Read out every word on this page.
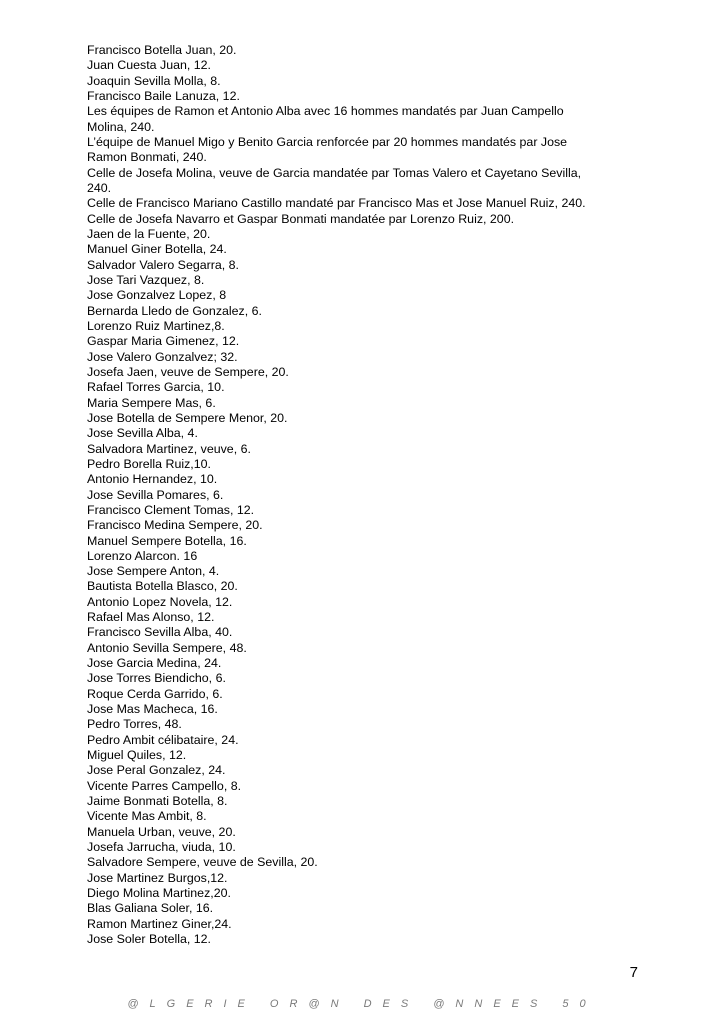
Francisco Botella Juan, 20.

Juan Cuesta Juan, 12.

Joaquin Sevilla Molla, 8.

Francisco Baile Lanuza, 12.

Les équipes de Ramon et Antonio Alba avec 16 hommes mandatés par Juan Campello

Molina, 240.

L’équipe de Manuel Migo y Benito Garcia renforcée par 20 hommes mandatés par Jose

Ramon Bonmati, 240.

Celle de Josefa Molina, veuve de Garcia mandatée par Tomas Valero et Cayetano Sevilla,

240.

Celle de Francisco Mariano Castillo mandaté par Francisco Mas et Jose Manuel Ruiz, 240.

Celle de Josefa Navarro et Gaspar Bonmati mandatée par Lorenzo Ruiz, 200.

Jaen de la Fuente, 20.

Manuel Giner Botella, 24.

Salvador Valero Segarra, 8.

Jose Tari Vazquez, 8.

Jose Gonzalvez Lopez, 8

Bernarda Lledo de Gonzalez, 6.

Lorenzo Ruiz Martinez,8.

Gaspar Maria Gimenez, 12.

Jose Valero Gonzalvez; 32.

Josefa Jaen, veuve de Sempere, 20.

Rafael Torres Garcia, 10.

Maria Sempere Mas, 6.

Jose Botella de Sempere Menor, 20.

Jose Sevilla Alba, 4.

Salvadora Martinez, veuve, 6.

Pedro Borella Ruiz,10.

Antonio Hernandez, 10.

Jose Sevilla Pomares, 6.

Francisco Clement Tomas, 12.

Francisco Medina Sempere, 20.

Manuel Sempere Botella, 16.

Lorenzo Alarcon. 16

Jose Sempere Anton, 4.

Bautista Botella Blasco, 20.

Antonio Lopez Novela, 12.

Rafael Mas Alonso, 12.

Francisco Sevilla Alba, 40.

Antonio Sevilla Sempere, 48.

Jose Garcia Medina, 24.

Jose Torres Biendicho, 6.

Roque Cerda Garrido, 6.

Jose Mas Macheca, 16.

Pedro Torres, 48.

Pedro Ambit célibataire, 24.

Miguel Quiles, 12.

Jose Peral Gonzalez, 24.

Vicente Parres Campello, 8.

Jaime Bonmati Botella, 8.

Vicente Mas Ambit, 8.

Manuela Urban, veuve, 20.

Josefa Jarrucha, viuda, 10.

Salvadore Sempere, veuve de Sevilla, 20.

Jose Martinez Burgos,12.

Diego Molina Martinez,20.

Blas Galiana Soler, 16.

Ramon Martinez Giner,24.

Jose Soler Botella, 12.

7
@LGERIE OR@N DES @NNEES 50
